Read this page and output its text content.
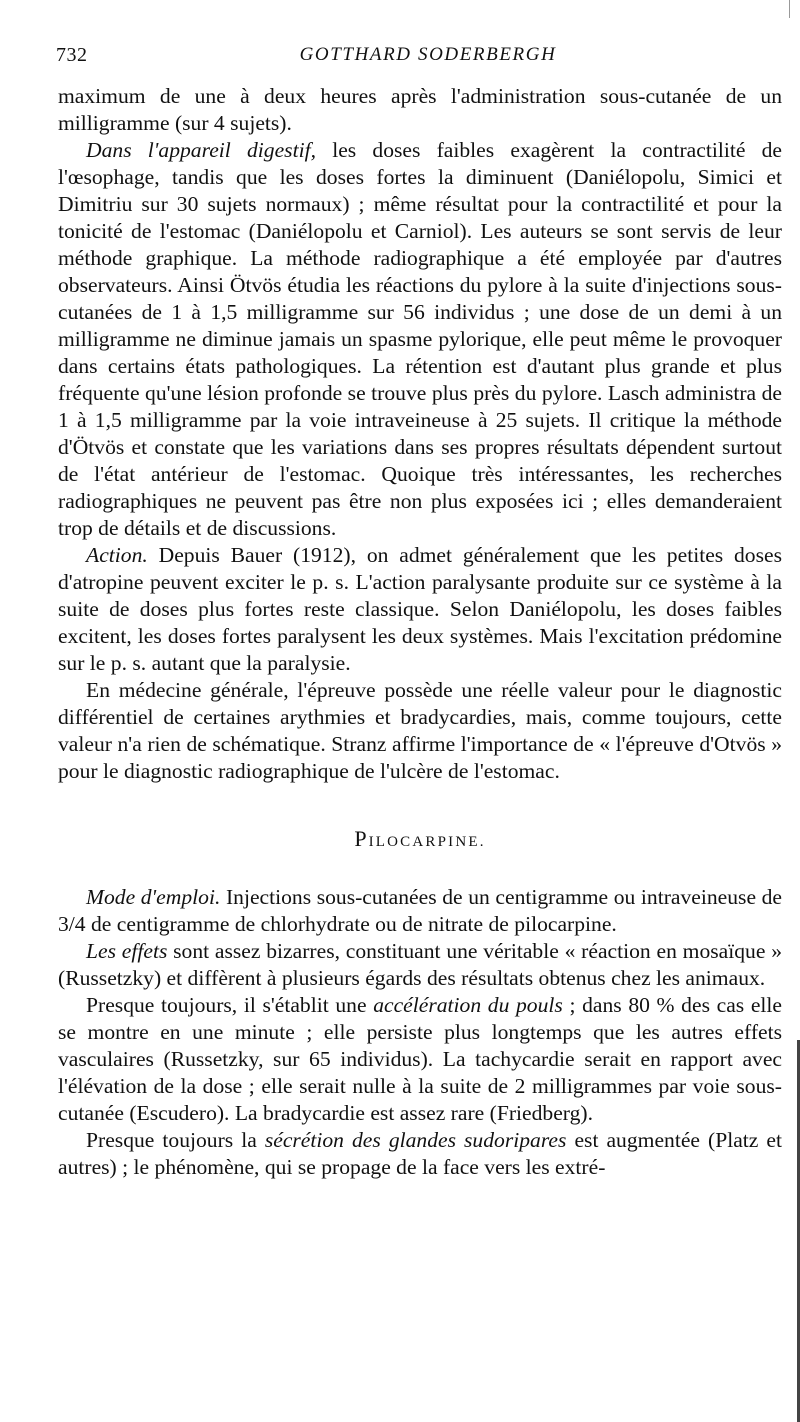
732	GOTTHARD SODERBERGH

maximum de une à deux heures après l'administration sous-cutanée de un milligramme (sur 4 sujets).

Dans l'appareil digestif, les doses faibles exagèrent la contractilité de l'œsophage, tandis que les doses fortes la diminuent (Daniélopolu, Simici et Dimitriu sur 30 sujets normaux) ; même résultat pour la contractilité et pour la tonicité de l'estomac (Daniélopolu et Carniol). Les auteurs se sont servis de leur méthode graphique. La méthode radiographique a été employée par d'autres observateurs. Ainsi Ötvös étudia les réactions du pylore à la suite d'injections sous-cutanées de 1 à 1,5 milligramme sur 56 individus ; une dose de un demi à un milligramme ne diminue jamais un spasme pylorique, elle peut même le provoquer dans certains états pathologiques. La rétention est d'autant plus grande et plus fréquente qu'une lésion profonde se trouve plus près du pylore. Lasch administra de 1 à 1,5 milligramme par la voie intraveineuse à 25 sujets. Il critique la méthode d'Ötvös et constate que les variations dans ses propres résultats dépendent surtout de l'état antérieur de l'estomac. Quoique très intéressantes, les recherches radiographiques ne peuvent pas être non plus exposées ici ; elles demanderaient trop de détails et de discussions.

Action. Depuis Bauer (1912), on admet généralement que les petites doses d'atropine peuvent exciter le p. s. L'action paralysante produite sur ce système à la suite de doses plus fortes reste classique. Selon Daniélopolu, les doses faibles excitent, les doses fortes paralysent les deux systèmes. Mais l'excitation prédomine sur le p. s. autant que la paralysie.

En médecine générale, l'épreuve possède une réelle valeur pour le diagnostic différentiel de certaines arythmies et bradycardies, mais, comme toujours, cette valeur n'a rien de schématique. Stranz affirme l'importance de « l'épreuve d'Otvös » pour le diagnostic radiographique de l'ulcère de l'estomac.

PILOCARPINE.

Mode d'emploi. Injections sous-cutanées de un centigramme ou intraveineuse de 3/4 de centigramme de chlorhydrate ou de nitrate de pilocarpine.

Les effets sont assez bizarres, constituant une véritable « réaction en mosaïque » (Russetzky) et diffèrent à plusieurs égards des résultats obtenus chez les animaux.

Presque toujours, il s'établit une accélération du pouls ; dans 80 % des cas elle se montre en une minute ; elle persiste plus longtemps que les autres effets vasculaires (Russetzky, sur 65 individus). La tachycardie serait en rapport avec l'élévation de la dose ; elle serait nulle à la suite de 2 milligrammes par voie sous-cutanée (Escudero). La bradycardie est assez rare (Friedberg).

Presque toujours la sécrétion des glandes sudoripares est augmentée (Platz et autres) ; le phénomène, qui se propage de la face vers les extré-
